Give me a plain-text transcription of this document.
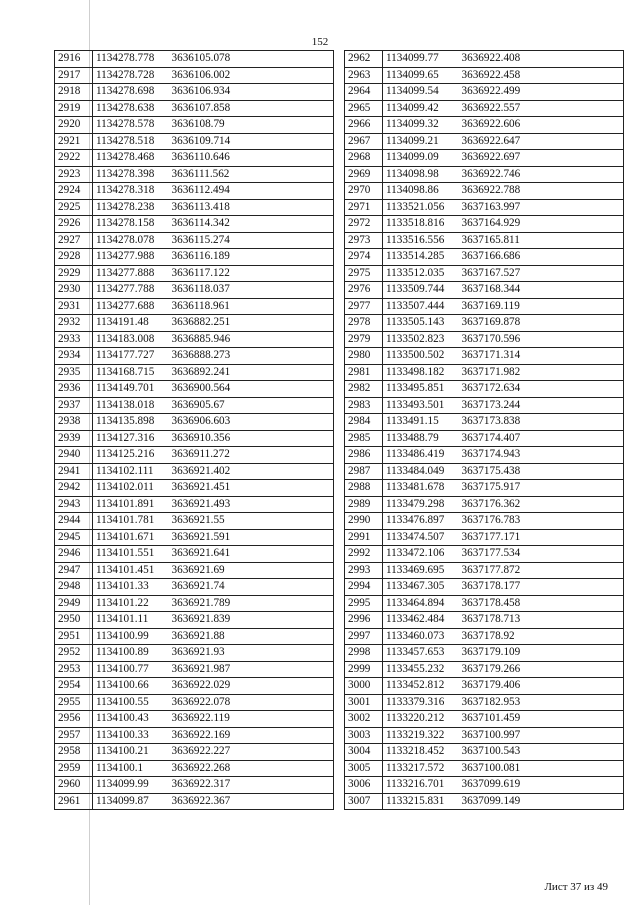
152
2916	1134278.778	3636105.078
2917	1134278.728	3636106.002
2918	1134278.698	3636106.934
2919	1134278.638	3636107.858
2920	1134278.578	3636108.79
2921	1134278.518	3636109.714
2922	1134278.468	3636110.646
2923	1134278.398	3636111.562
2924	1134278.318	3636112.494
2925	1134278.238	3636113.418
2926	1134278.158	3636114.342
2927	1134278.078	3636115.274
2928	1134277.988	3636116.189
2929	1134277.888	3636117.122
2930	1134277.788	3636118.037
2931	1134277.688	3636118.961
2932	1134191.48	3636882.251
2933	1134183.008	3636885.946
2934	1134177.727	3636888.273
2935	1134168.715	3636892.241
2936	1134149.701	3636900.564
2937	1134138.018	3636905.67
2938	1134135.898	3636906.603
2939	1134127.316	3636910.356
2940	1134125.216	3636911.272
2941	1134102.111	3636921.402
2942	1134102.011	3636921.451
2943	1134101.891	3636921.493
2944	1134101.781	3636921.55
2945	1134101.671	3636921.591
2946	1134101.551	3636921.641
2947	1134101.451	3636921.69
2948	1134101.33	3636921.74
2949	1134101.22	3636921.789
2950	1134101.11	3636921.839
2951	1134100.99	3636921.88
2952	1134100.89	3636921.93
2953	1134100.77	3636921.987
2954	1134100.66	3636922.029
2955	1134100.55	3636922.078
2956	1134100.43	3636922.119
2957	1134100.33	3636922.169
2958	1134100.21	3636922.227
2959	1134100.1	3636922.268
2960	1134099.99	3636922.317
2961	1134099.87	3636922.367
2962	1134099.77	3636922.408
2963	1134099.65	3636922.458
2964	1134099.54	3636922.499
2965	1134099.42	3636922.557
2966	1134099.32	3636922.606
2967	1134099.21	3636922.647
2968	1134099.09	3636922.697
2969	1134098.98	3636922.746
2970	1134098.86	3636922.788
2971	1133521.056	3637163.997
2972	1133518.816	3637164.929
2973	1133516.556	3637165.811
2974	1133514.285	3637166.686
2975	1133512.035	3637167.527
2976	1133509.744	3637168.344
2977	1133507.444	3637169.119
2978	1133505.143	3637169.878
2979	1133502.823	3637170.596
2980	1133500.502	3637171.314
2981	1133498.182	3637171.982
2982	1133495.851	3637172.634
2983	1133493.501	3637173.244
2984	1133491.15	3637173.838
2985	1133488.79	3637174.407
2986	1133486.419	3637174.943
2987	1133484.049	3637175.438
2988	1133481.678	3637175.917
2989	1133479.298	3637176.362
2990	1133476.897	3637176.783
2991	1133474.507	3637177.171
2992	1133472.106	3637177.534
2993	1133469.695	3637177.872
2994	1133467.305	3637178.177
2995	1133464.894	3637178.458
2996	1133462.484	3637178.713
2997	1133460.073	3637178.92
2998	1133457.653	3637179.109
2999	1133455.232	3637179.266
3000	1133452.812	3637179.406
3001	1133379.316	3637182.953
3002	1133220.212	3637101.459
3003	1133219.322	3637100.997
3004	1133218.452	3637100.543
3005	1133217.572	3637100.081
3006	1133216.701	3637099.619
3007	1133215.831	3637099.149
Лист 37 из 49
